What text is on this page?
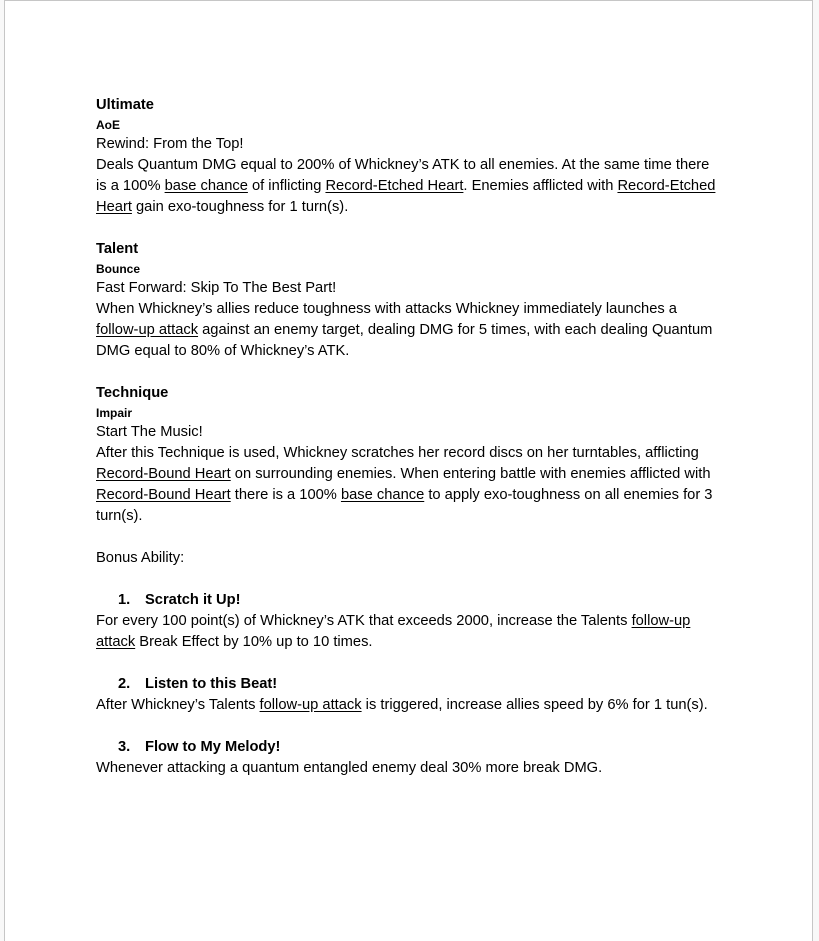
Ultimate
AoE
Rewind: From the Top!

Deals Quantum DMG equal to 200% of Whickney’s ATK to all enemies. At the same time there is a 100% base chance of inflicting Record-Etched Heart. Enemies afflicted with Record-Etched Heart gain exo-toughness for 1 turn(s).

Talent
Bounce
Fast Forward: Skip To The Best Part!

When Whickney’s allies reduce toughness with attacks Whickney immediately launches a follow-up attack against an enemy target, dealing DMG for 5 times, with each dealing Quantum DMG equal to 80% of Whickney’s ATK.

Technique
Impair
Start The Music!

After this Technique is used, Whickney scratches her record discs on her turntables, afflicting Record-Bound Heart on surrounding enemies. When entering battle with enemies afflicted with Record-Bound Heart there is a 100% base chance to apply exo-toughness on all enemies for 3 turn(s).

Bonus Ability:
1. Scratch it Up!

For every 100 point(s) of Whickney’s ATK that exceeds 2000, increase the Talents follow-up attack Break Effect by 10% up to 10 times.

2. Listen to this Beat!

After Whickney’s Talents follow-up attack is triggered, increase allies speed by 6% for 1 tun(s).

3. Flow to My Melody!

Whenever attacking a quantum entangled enemy deal 30% more break DMG.
